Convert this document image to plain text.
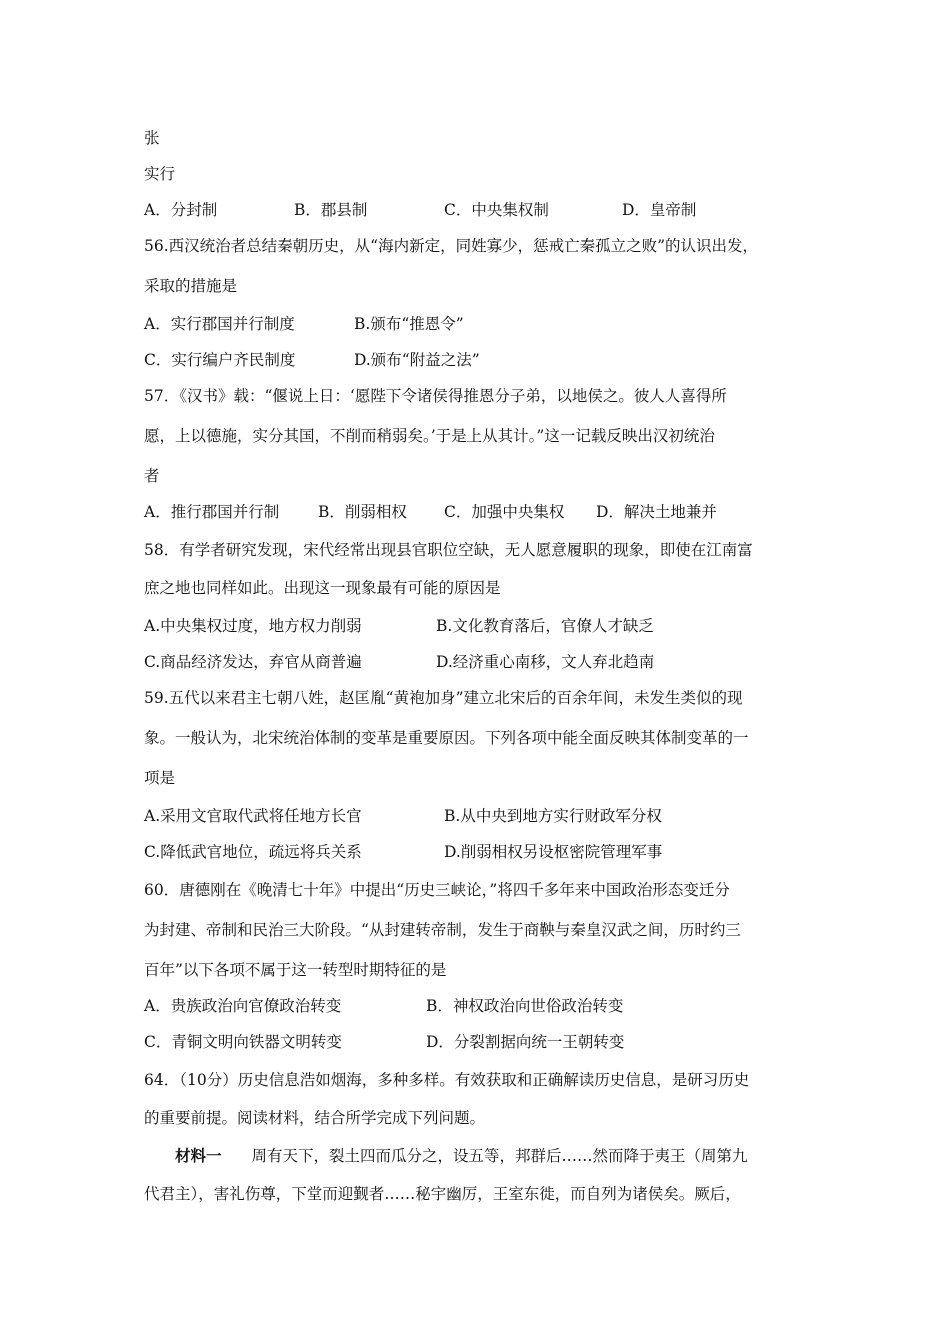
张
实行
A．分封制	B．郡县制	C．中央集权制	D．皇帝制
56.西汉统治者总结秦朝历史，从“海内新定，同姓寡少，惩戒亡秦孤立之败”的认识出发，
采取的措施是
A．实行郡国并行制度	B.颁布“推恩令”
C．实行编户齐民制度	D.颁布“附益之法”
57．《汉书》载：“偃说上日：‘愿陛下令诸侯得推恩分子弟，以地侯之。彼人人喜得所
愿，上以德施，实分其国，不削而稍弱矣。’于是上从其计。”这一记载反映出汉初统治
者
A．推行郡国并行制	B．削弱相权 C．加强中央集权 D．解决土地兼并
58．有学者研究发现，宋代经常出现县官职位空缺，无人愿意履职的现象，即使在江南富
庶之地也同样如此。出现这一现象最有可能的原因是
A.中央集权过度，地方权力削弱	B.文化教育落后，官僚人才缺乏
C.商品经济发达，弃官从商普遍	D.经济重心南移，文人弃北趋南
59.五代以来君主七朝八姓，赵匡胤“黄袍加身”建立北宋后的百余年间，未发生类似的现
象。一般认为，北宋统治体制的变革是重要原因。下列各项中能全面反映其体制变革的一
项是
A.采用文官取代武将任地方长官	B.从中央到地方实行财政军分权
C.降低武官地位，疏远将兵关系	D.削弱相权另设枢密院管理军事
60．唐德刚在《晚清七十年》中提出“历史三峡论，”将四千多年来中国政治形态变迁分
为封建、帝制和民治三大阶段。“从封建转帝制，发生于商鞅与秦皇汉武之间，历时约三
百年”以下各项不属于这一转型时期特征的是
A．贵族政治向官僚政治转变	B．神权政治向世俗政治转变
C．青铜文明向铁器文明转变	D．分裂割据向统一王朝转变
64．（10分）历史信息浩如烟海，多种多样。有效获取和正确解读历史信息，是研习历史
的重要前提。阅读材料，结合所学完成下列问题。
材料一 周有天下，裂土四而瓜分之，设五等，邦群后……然而降于夷王（周第九
代君主），害礼伤尊，下堂而迎觐者……秘宇幽厉，王室东徙，而自列为诸侯矣。厥后，
